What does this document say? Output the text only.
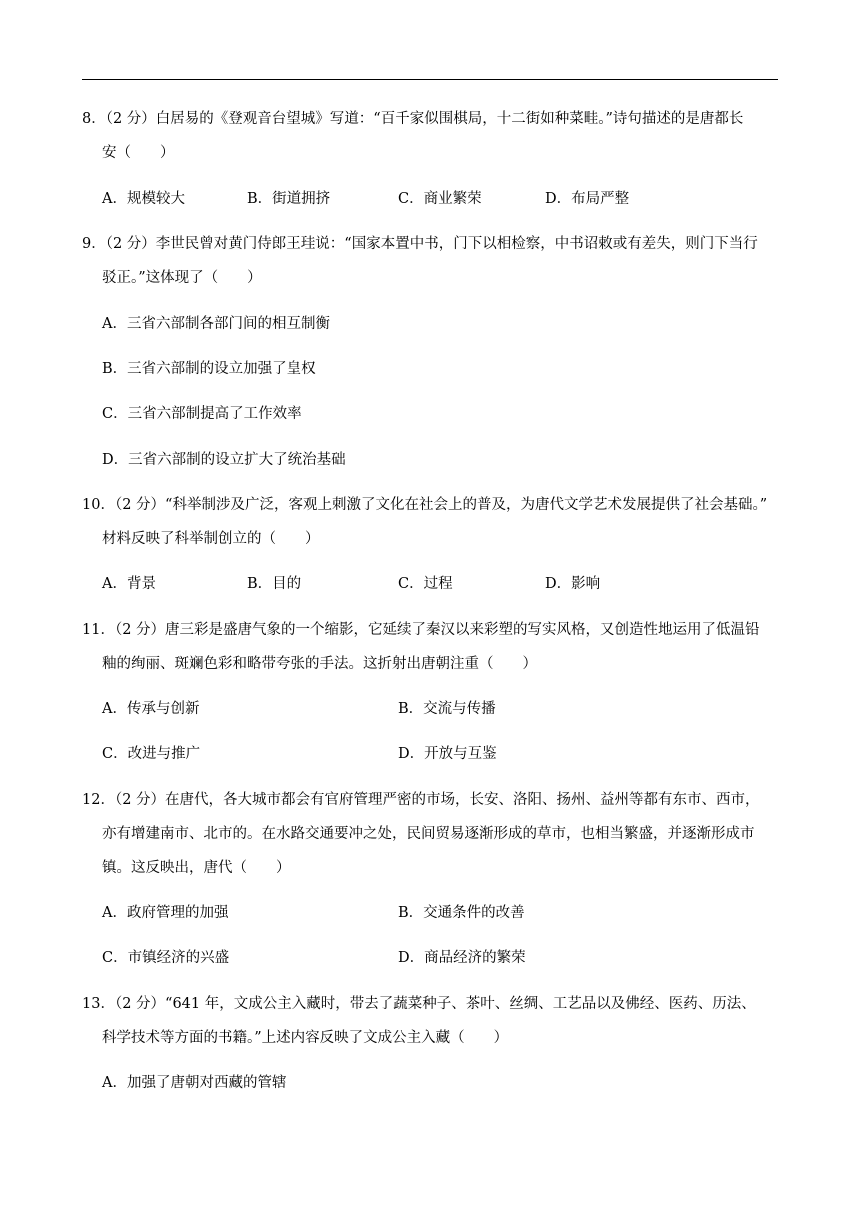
8．（2 分）白居易的《登观音台望城》写道：“百千家似围棋局，十二街如种菜畦。”诗句描述的是唐都长
安（　　）
A．规模较大	B．街道拥挤	C．商业繁荣	D．布局严整
9．（2 分）李世民曾对黄门侍郎王珪说：“国家本置中书，门下以相检察，中书诏敕或有差失，则门下当行
驳正。”这体现了（　　）
A．三省六部制各部门间的相互制衡
B．三省六部制的设立加强了皇权
C．三省六部制提高了工作效率
D．三省六部制的设立扩大了统治基础
10．（2 分）“科举制涉及广泛，客观上刺激了文化在社会上的普及，为唐代文学艺术发展提供了社会基础。”
材料反映了科举制创立的（　　）
A．背景	B．目的	C．过程	D．影响
11．（2 分）唐三彩是盛唐气象的一个缩影，它延续了秦汉以来彩塑的写实风格，又创造性地运用了低温铅
釉的绚丽、斑斓色彩和略带夸张的手法。这折射出唐朝注重（　　）
A．传承与创新	B．交流与传播
C．改进与推广	D．开放与互鉴
12．（2 分）在唐代，各大城市都会有官府管理严密的市场，长安、洛阳、扬州、益州等都有东市、西市，
亦有增建南市、北市的。在水路交通要冲之处，民间贸易逐渐形成的草市，也相当繁盛，并逐渐形成市
镇。这反映出，唐代（　　）
A．政府管理的加强	B．交通条件的改善
C．市镇经济的兴盛	D．商品经济的繁荣
13．（2 分）“641 年，文成公主入藏时，带去了蔬菜种子、茶叶、丝绸、工艺品以及佛经、医药、历法、
科学技术等方面的书籍。”上述内容反映了文成公主入藏（　　）
A．加强了唐朝对西藏的管辖
